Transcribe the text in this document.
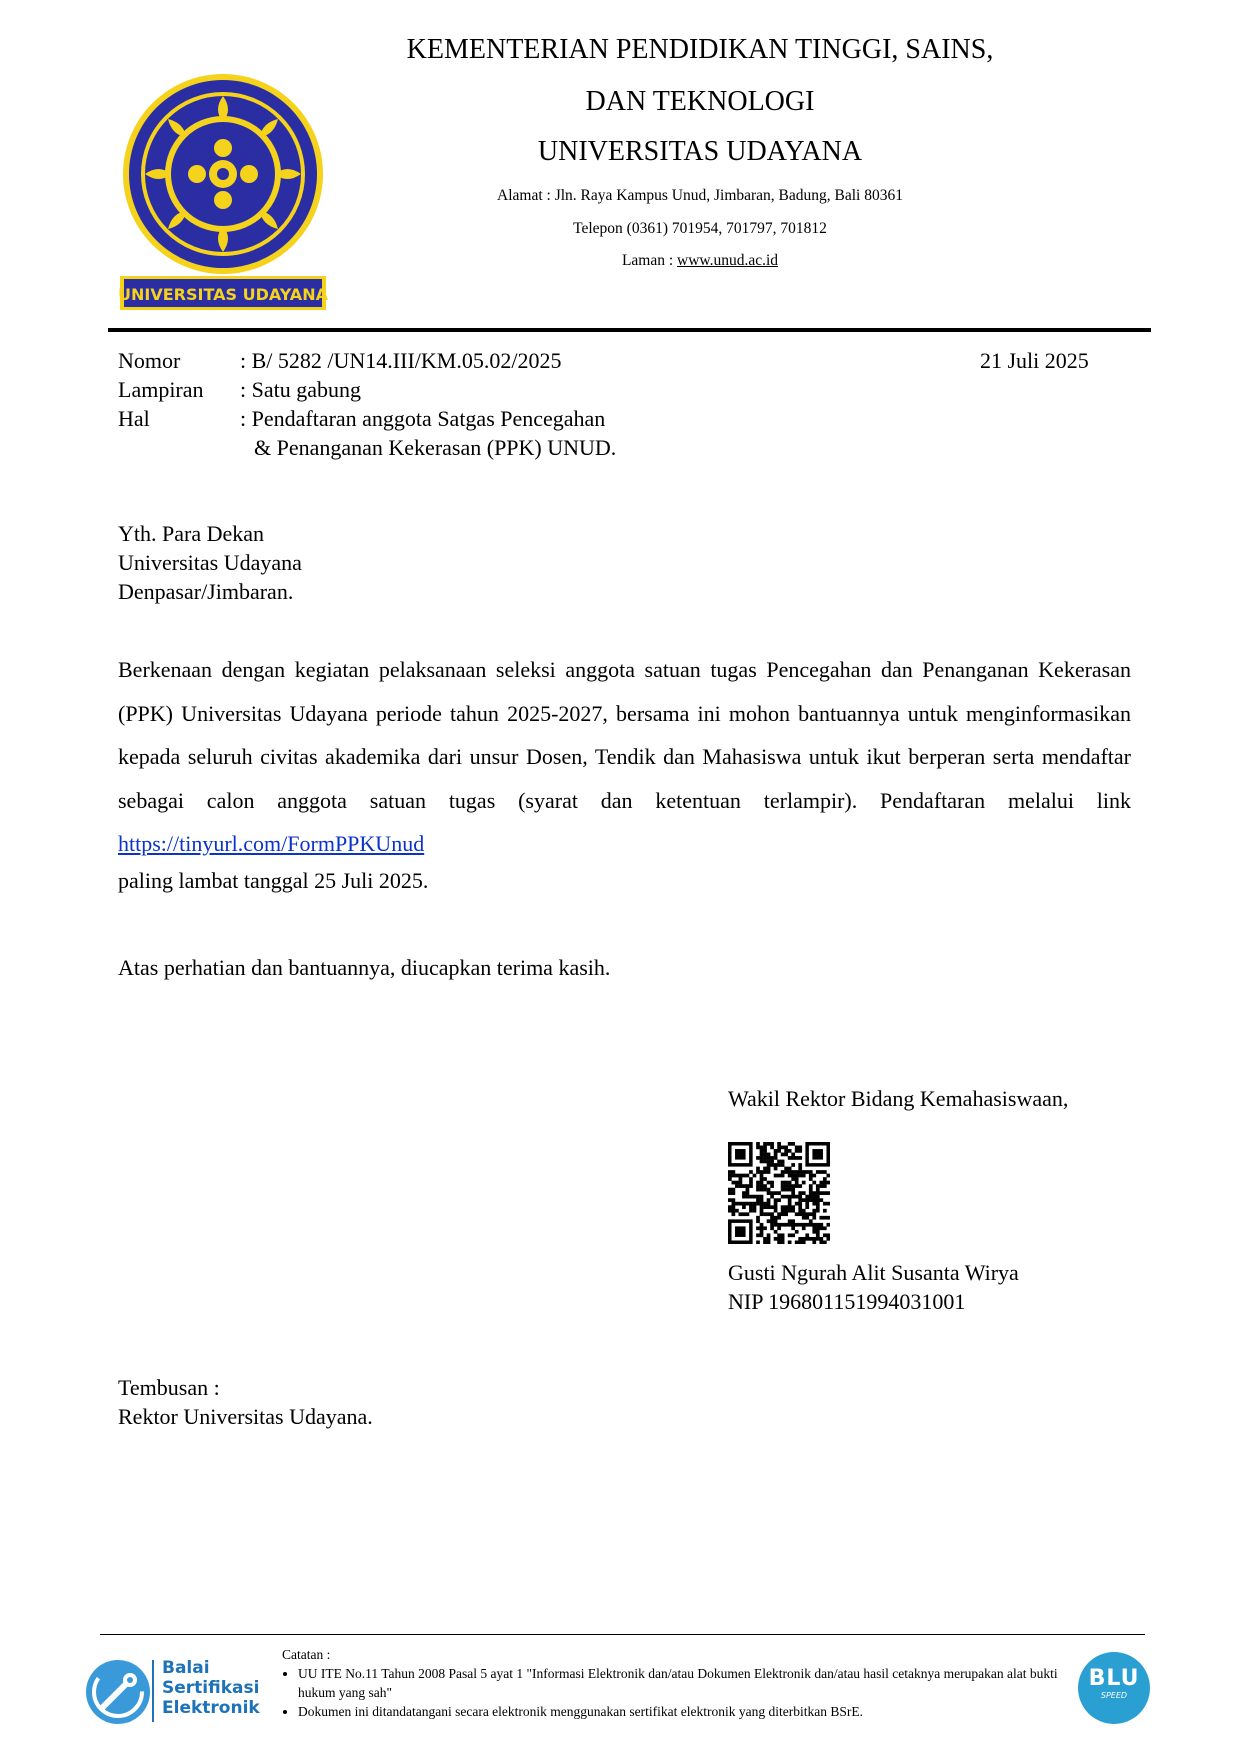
UNIVERSITAS UDAYANA
KEMENTERIAN PENDIDIKAN TINGGI, SAINS,
DAN TEKNOLOGI
UNIVERSITAS UDAYANA
Alamat : Jln. Raya Kampus Unud, Jimbaran, Badung, Bali 80361
Telepon (0361) 701954, 701797, 701812
Laman : www.unud.ac.id
Nomor	: B/ 5282 /UN14.III/KM.05.02/2025	21 Juli 2025
Lampiran : Satu gabung
Hal	: Pendaftaran anggota Satgas Pencegahan
& Penanganan Kekerasan (PPK) UNUD.
Yth. Para Dekan
Universitas Udayana
Denpasar/Jimbaran.
Berkenaan dengan kegiatan pelaksanaan seleksi anggota satuan tugas Pencegahan dan Penanganan Kekerasan (PPK) Universitas Udayana periode tahun 2025-2027, bersama ini mohon bantuannya untuk menginformasikan kepada seluruh civitas akademika dari unsur Dosen, Tendik dan Mahasiswa untuk ikut berperan serta mendaftar sebagai calon anggota satuan tugas (syarat dan ketentuan terlampir). Pendaftaran melalui link https://tinyurl.com/FormPPKUnud
paling lambat tanggal 25 Juli 2025.
Atas perhatian dan bantuannya, diucapkan terima kasih.
Wakil Rektor Bidang Kemahasiswaan,
Gusti Ngurah Alit Susanta Wirya
NIP 196801151994031001
Tembusan :
Rektor Universitas Udayana.
Balai
Sertifikasi
Elektronik
Catatan :
• UU ITE No.11 Tahun 2008 Pasal 5 ayat 1 "Informasi Elektronik dan/atau Dokumen Elektronik dan/atau hasil cetaknya merupakan alat bukti hukum yang sah"
• Dokumen ini ditandatangani secara elektronik menggunakan sertifikat elektronik yang diterbitkan BSrE.
BLU
SPEED
